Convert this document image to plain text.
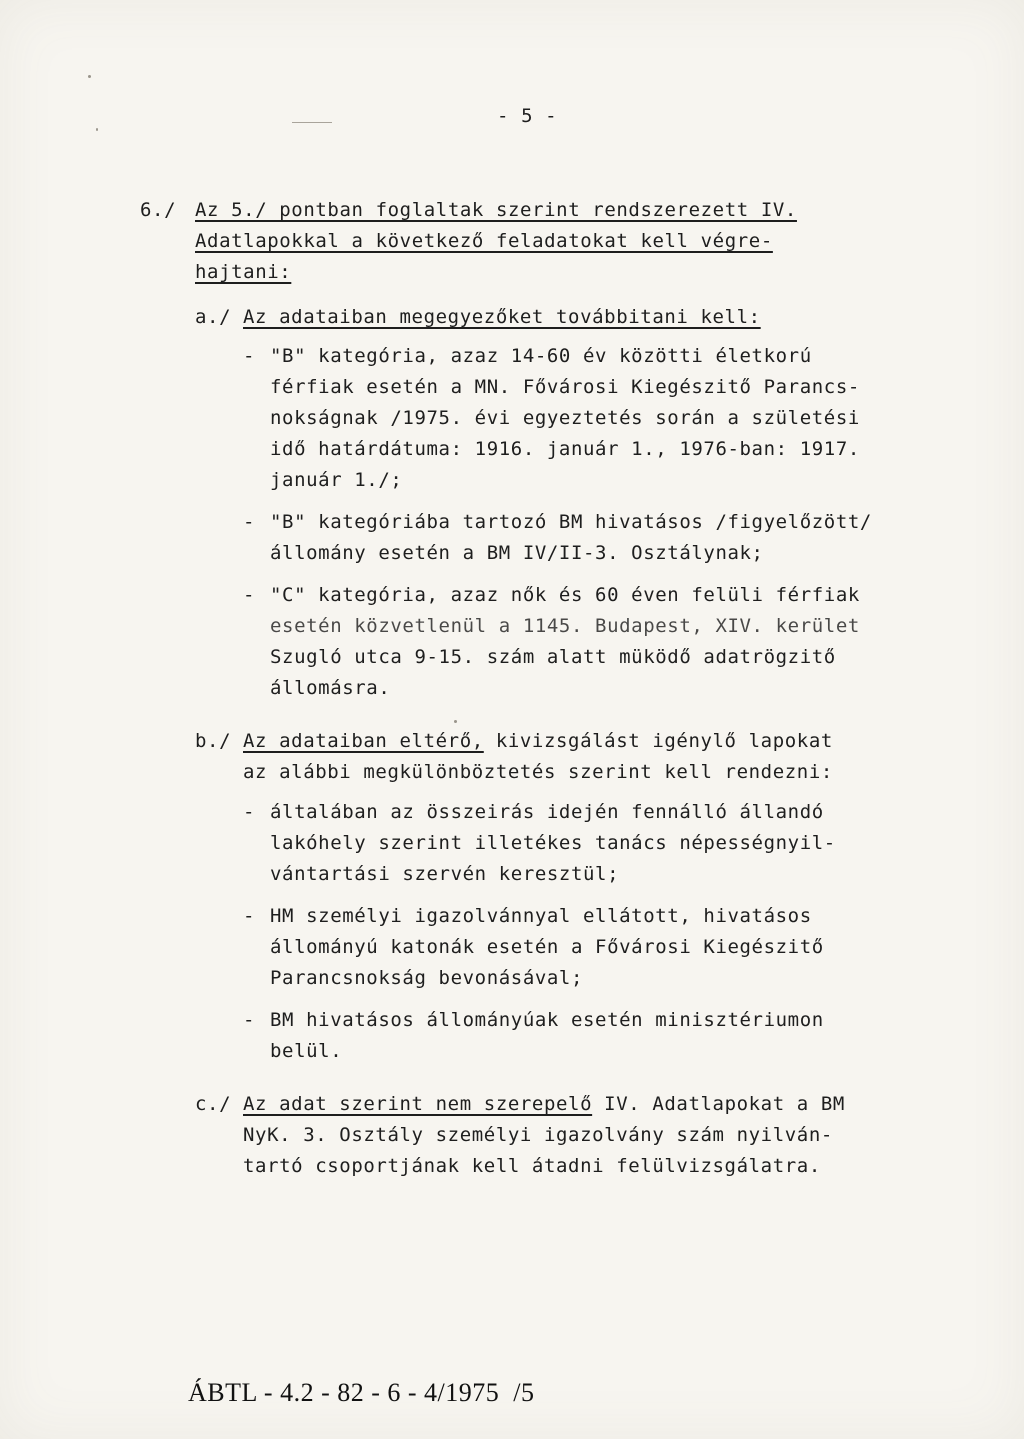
- 5 -
6./ Az 5./ pontban foglaltak szerint rendszerezett IV.
Adatlapokkal a következő feladatokat kell végre-
hajtani:
a./ Az adataiban megegyezőket továbbitani kell:
- "B" kategória, azaz 14-60 év közötti életkorú
férfiak esetén a MN. Fővárosi Kiegészitő Parancs-
nokságnak /1975. évi egyeztetés során a születési
idő határdátuma: 1916. január 1., 1976-ban: 1917.
január 1./;
- "B" kategóriába tartozó BM hivatásos /figyelőzött/
állomány esetén a BM IV/II-3. Osztálynak;
- "C" kategória, azaz nők és 60 éven felüli férfiak
esetén közvetlenül a 1145. Budapest, XIV. kerület
Szugló utca 9-15. szám alatt müködő adatrögzitő
állomásra.
b./ Az adataiban eltérő, kivizsgálást igénylő lapokat
az alábbi megkülönböztetés szerint kell rendezni:
- általában az összeirás idején fennálló állandó
lakóhely szerint illetékes tanács népességnyil-
vántartási szervén keresztül;
- HM személyi igazolvánnyal ellátott, hivatásos
állományú katonák esetén a Fővárosi Kiegészitő
Parancsnokság bevonásával;
- BM hivatásos állományúak esetén minisztériumon
belül.
c./ Az adat szerint nem szerepelő IV. Adatlapokat a BM
NyK. 3. Osztály személyi igazolvány szám nyilván-
tartó csoportjának kell átadni felülvizsgálatra.
ÁBTL - 4.2 - 82 - 6 - 4/1975  /5
